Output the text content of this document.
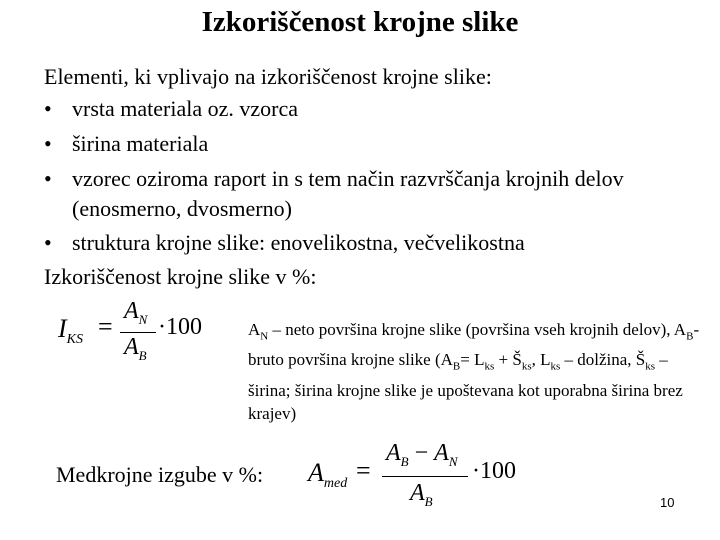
Izkoriščenost krojne slike
Elementi, ki vplivajo na izkoriščenost krojne slike:
• vrsta materiala oz. vzorca
• širina materiala
• vzorec oziroma raport in s tem način razvrščanja krojnih delov
(enosmerno, dvosmerno)
• struktura krojne slike: enovelikostna, večvelikostna
Izkoriščenost krojne slike v %:
$I_{KS}$ =
$A_N$
$A_B$
·100	$A_N$ – neto površina krojne slike (površina vseh krojnih delov), $A_B-$ bruto površina krojne slike ($A_B= L_{ks}$ + $Š_{ks}$, $L_{ks}$ – dolžina, $Š_{ks}$ – širina; širina krojne slike je upoštevana kot uporabna širina brez krajev)
Medkrojne izgube v %: $A_{med}$ =
$A_B - A_N$
$A_B$
·100
10
